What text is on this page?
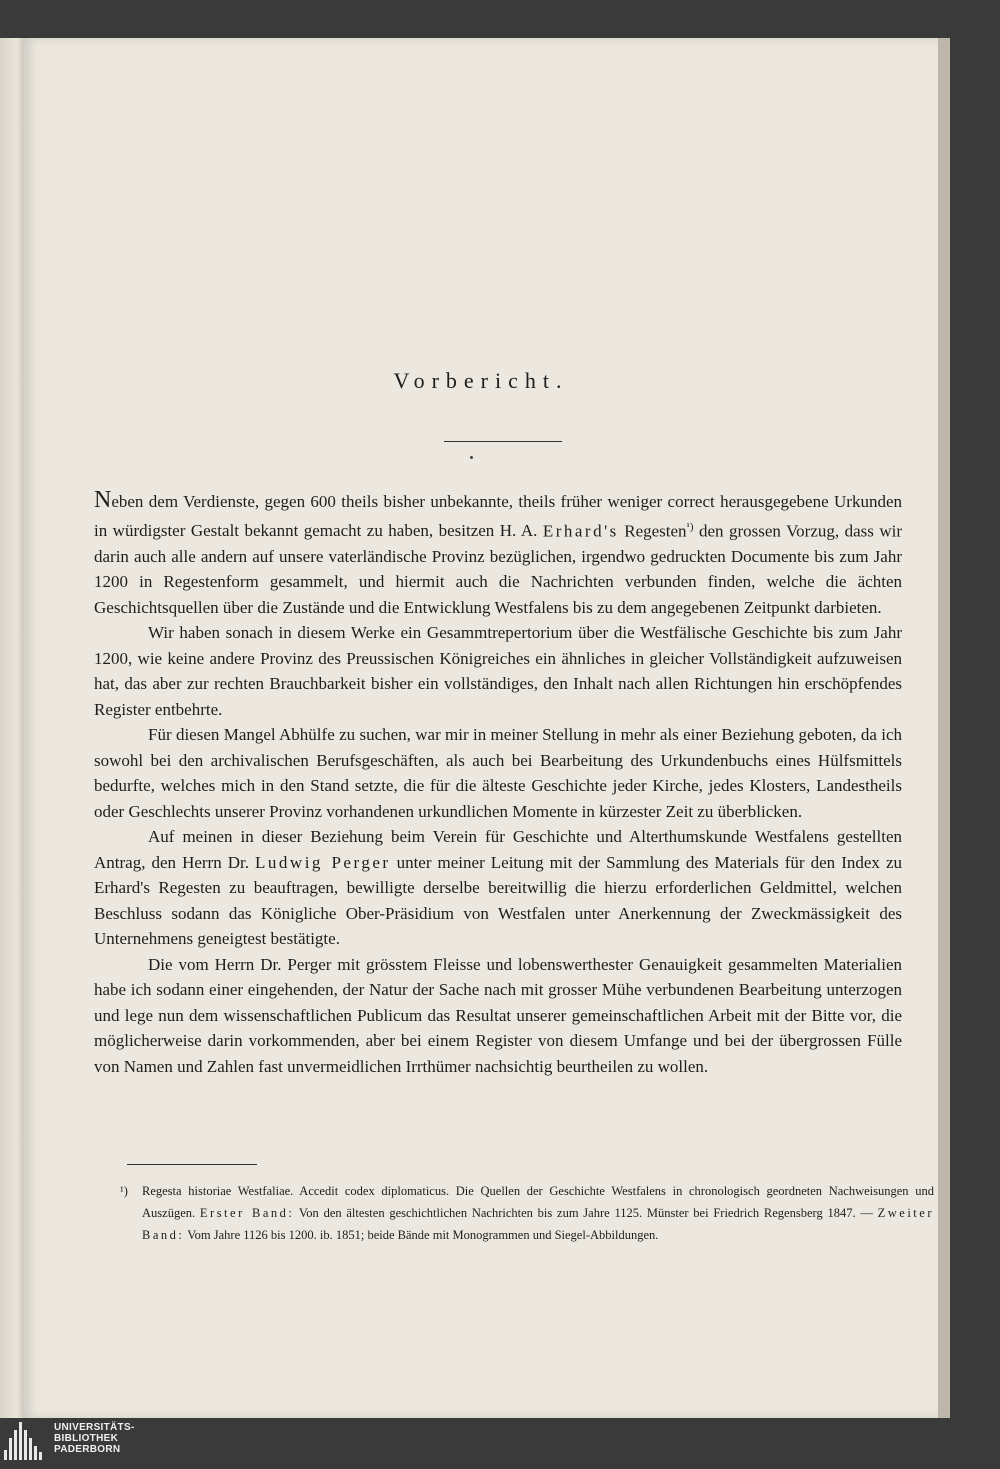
Vorbericht.

Neben dem Verdienste, gegen 600 theils bisher unbekannte, theils früher weniger correct herausgegebene Urkunden in würdigster Gestalt bekannt gemacht zu haben, besitzen H. A. Erhard's Regesten$^{^1)}$ den grossen Vorzug, dass wir darin auch alle andern auf unsere vaterländische Provinz bezüglichen, irgendwo gedruckten Documente bis zum Jahr 1200 in Regestenform gesammelt, und hiermit auch die Nachrichten verbunden finden, welche die ächten Geschichtsquellen über die Zustände und die Entwicklung Westfalens bis zu dem angegebenen Zeitpunkt darbieten.

Wir haben sonach in diesem Werke ein Gesammtrepertorium über die Westfälische Geschichte bis zum Jahr 1200, wie keine andere Provinz des Preussischen Königreiches ein ähnliches in gleicher Vollständigkeit aufzuweisen hat, das aber zur rechten Brauchbarkeit bisher ein vollständiges, den Inhalt nach allen Richtungen hin erschöpfendes Register entbehrte.

Für diesen Mangel Abhülfe zu suchen, war mir in meiner Stellung in mehr als einer Beziehung geboten, da ich sowohl bei den archivalischen Berufsgeschäften, als auch bei Bearbeitung des Urkundenbuchs eines Hülfsmittels bedurfte, welches mich in den Stand setzte, die für die älteste Geschichte jeder Kirche, jedes Klosters, Landestheils oder Geschlechts unserer Provinz vorhandenen urkundlichen Momente in kürzester Zeit zu überblicken.

Auf meinen in dieser Beziehung beim Verein für Geschichte und Alterthumskunde Westfalens gestellten Antrag, den Herrn Dr. Ludwig Perger unter meiner Leitung mit der Sammlung des Materials für den Index zu Erhard's Regesten zu beauftragen, bewilligte derselbe bereitwillig die hierzu erforderlichen Geldmittel, welchen Beschluss sodann das Königliche Ober-Präsidium von Westfalen unter Anerkennung der Zweckmässigkeit des Unternehmens geneigtest bestätigte.

Die vom Herrn Dr. Perger mit grösstem Fleisse und lobenswerthester Genauigkeit gesammelten Materialien habe ich sodann einer eingehenden, der Natur der Sache nach mit grosser Mühe verbundenen Bearbeitung unterzogen und lege nun dem wissenschaftlichen Publicum das Resultat unserer gemeinschaftlichen Arbeit mit der Bitte vor, die möglicherweise darin vorkommenden, aber bei einem Register von diesem Umfange und bei der übergrossen Fülle von Namen und Zahlen fast unvermeidlichen Irrthümer nachsichtig beurtheilen zu wollen.

¹) Regesta historiae Westfaliae. Accedit codex diplomaticus. Die Quellen der Geschichte Westfalens in chronologisch geordneten Nachweisungen und Auszügen. Erster Band: Von den ältesten geschichtlichen Nachrichten bis zum Jahre 1125. Münster bei Friedrich Regensberg 1847. — Zweiter Band: Vom Jahre 1126 bis 1200. ib. 1851; beide Bände mit Monogrammen und Siegel-Abbildungen.
UNIVERSITÄTS-
BIBLIOTHEK
PADERBORN
